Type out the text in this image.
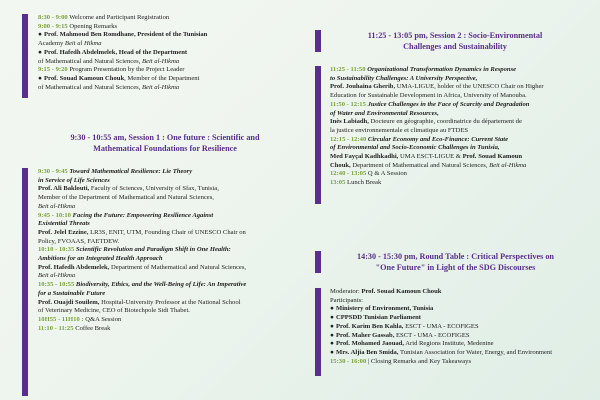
8:30 - 9:00 Welcome and Participant Registration
9:00 - 9:15 Opening Remarks
● Prof. Mahmoud Ben Romdhane, President of the Tunisian
Academy Beit al Hikma
● Prof. Hafedh Abdelmelek, Head of the Department
of Mathematical and Natural Sciences, Beit al-Hikma
9:15 - 9:20 Program Presentation by the Project Leader
● Prof. Souad Kamoun Chouk, Member of the Department
of Mathematical and Natural Sciences, Beit al-Hikma
9:30 - 10:55 am, Session 1 : One future : Scientific and
Mathematical Foundations for Resilience
9:30 - 9:45 Toward Mathematical Resilience: Lie Theory
in Service of Life Sciences
Prof. Ali Baklouti, Faculty of Sciences, University of Sfax, Tunisia,
Member of the Department of Mathematical and Natural Sciences,
Beit al-Hikma
9:45 - 10:10 Facing the Future: Empowering Resilience Against
Existential Threats
Prof. Jelel Ezzine, LR3S, ENIT, UTM, Founding Chair of UNESCO Chair on
Policy, FVOAAS, FAETDEW.
10:10 - 10:35 Scientific Revolution and Paradigm Shift in One Health:
Ambitions for an Integrated Health Approach
Prof. Hafedh Abdemelek, Department of Mathematical and Natural Sciences,
Beit al-Hikma
10:35 - 10:55 Biodiversity, Ethics, and the Well-Being of Life: An Imperative
for a Sustainable Future
Prof. Ouajdi Souilem, Hospital-University Professor at the National School
of Veterinary Medicine, CEO of Biotechpole Sidi Thabet.
10H55 - 11H10 : Q&A Session
11:10 - 11:25 Coffee Break
11:25 - 13:05 pm, Session 2 : Socio-Environmental
Challenges and Sustainability
11:25 - 11:50 Organizational Transformation Dynamics in Response
to Sustainability Challenges: A University Perspective,
Prof. Jouhaina Gherib, UMA-LIGUE, holder of the UNESCO Chair on Higher
Education for Sustainable Development in Africa, University of Manouba.
11:50 - 12:15 Justice Challenges in the Face of Scarcity and Degradation
of Water and Environmental Resources,
Inès Labiadh, Docteure en géographie, coordinatrice du département de
la justice environnementale et climatique au FTDES
12:15 - 12:40 Circular Economy and Eco-Finance: Current State
of Environmental and Socio-Economic Challenges in Tunisia,
Med Fayçal Kadhkadhi, UMA ESCT-LIGUE & Prof. Souad Kamoun
Chouk, Department of Mathematical and Natural Sciences, Beit al-Hikma
12:40 - 13:05 Q & A Session
13:05 Lunch Break
14:30 - 15:30 pm, Round Table : Critical Perspectives on
"One Future" in Light of the SDG Discourses
Moderator: Prof. Souad Kamoun Chouk
Participants:
● Ministery of Environment, Tunisia
● CPPSDD Tunisian Parliament
● Prof. Karim Ben Kahla, ESCT - UMA - ECOFIGES
● Prof. Maher Gassab, ESCT - UMA - ECOFIGES
● Prof. Mohamed Jaouad, Arid Regions Institute, Medenine
● Mrs. Aljia Ben Smida, Tunisian Association for Water, Energy, and Environment
15:30 - 16:00 | Closing Remarks and Key Takeaways
